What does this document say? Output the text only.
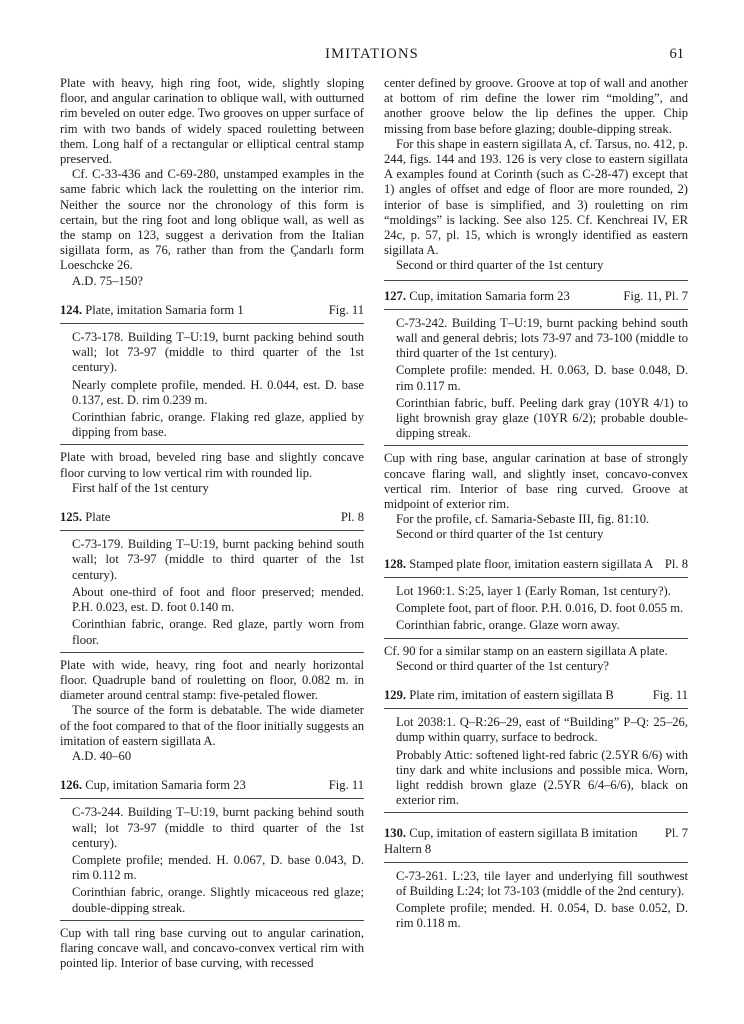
IMITATIONS	61

Plate with heavy, high ring foot, wide, slightly sloping floor, and angular carination to oblique wall, with outturned rim beveled on outer edge. Two grooves on upper surface of rim with two bands of widely spaced rouletting between them. Long half of a rectangular or elliptical central stamp preserved.

Cf. C-33-436 and C-69-280, unstamped examples in the same fabric which lack the rouletting on the interior rim. Neither the source nor the chronology of this form is certain, but the ring foot and long oblique wall, as well as the stamp on 123, suggest a derivation from the Italian sigillata form, as 76, rather than from the Çandarlı form Loeschcke 26.

A.D. 75–150?

124. Plate, imitation Samaria form 1	Fig. 11

C-73-178. Building T–U:19, burnt packing behind south wall; lot 73-97 (middle to third quarter of the 1st century).

Nearly complete profile, mended. H. 0.044, est. D. base 0.137, est. D. rim 0.239 m.

Corinthian fabric, orange. Flaking red glaze, applied by dipping from base.

Plate with broad, beveled ring base and slightly concave floor curving to low vertical rim with rounded lip.

First half of the 1st century

125. Plate	Pl. 8

C-73-179. Building T–U:19, burnt packing behind south wall; lot 73-97 (middle to third quarter of the 1st century).

About one-third of foot and floor preserved; mended. P.H. 0.023, est. D. foot 0.140 m.

Corinthian fabric, orange. Red glaze, partly worn from floor.

Plate with wide, heavy, ring foot and nearly horizontal floor. Quadruple band of rouletting on floor, 0.082 m. in diameter around central stamp: five-petaled flower.

The source of the form is debatable. The wide diameter of the foot compared to that of the floor initially suggests an imitation of eastern sigillata A.

A.D. 40–60

126. Cup, imitation Samaria form 23	Fig. 11

C-73-244. Building T–U:19, burnt packing behind south wall; lot 73-97 (middle to third quarter of the 1st century).

Complete profile; mended. H. 0.067, D. base 0.043, D. rim 0.112 m.

Corinthian fabric, orange. Slightly micaceous red glaze; double-dipping streak.

Cup with tall ring base curving out to angular carination, flaring concave wall, and concavo-convex vertical rim with pointed lip. Interior of base curving, with recessed

center defined by groove. Groove at top of wall and another at bottom of rim define the lower rim “molding”, and another groove below the lip defines the upper. Chip missing from base before glazing; double-dipping streak.

For this shape in eastern sigillata A, cf. Tarsus, no. 412, p. 244, figs. 144 and 193. 126 is very close to eastern sigillata A examples found at Corinth (such as C-28-47) except that 1) angles of offset and edge of floor are more rounded, 2) interior of base is simplified, and 3) rouletting on rim “moldings” is lacking. See also 125. Cf. Kenchreai IV, ER 24c, p. 57, pl. 15, which is wrongly identified as eastern sigillata A.

Second or third quarter of the 1st century

127. Cup, imitation Samaria form 23	Fig. 11, Pl. 7

C-73-242. Building T–U:19, burnt packing behind south wall and general debris; lots 73-97 and 73-100 (middle to third quarter of the 1st century).

Complete profile: mended. H. 0.063, D. base 0.048, D. rim 0.117 m.

Corinthian fabric, buff. Peeling dark gray (10YR 4/1) to light brownish gray glaze (10YR 6/2); probable double-dipping streak.

Cup with ring base, angular carination at base of strongly concave flaring wall, and slightly inset, concavo-convex vertical rim. Interior of base ring curved. Groove at midpoint of exterior rim.

For the profile, cf. Samaria-Sebaste III, fig. 81:10.

Second or third quarter of the 1st century

128. Stamped plate floor, imitation eastern sigillata A Pl. 8

Lot 1960:1. S:25, layer 1 (Early Roman, 1st century?).

Complete foot, part of floor. P.H. 0.016, D. foot 0.055 m.

Corinthian fabric, orange. Glaze worn away.

Cf. 90 for a similar stamp on an eastern sigillata A plate.

Second or third quarter of the 1st century?

129. Plate rim, imitation of eastern sigillata B	Fig. 11

Lot 2038:1. Q–R:26–29, east of “Building” P–Q: 25–26, dump within quarry, surface to bedrock.

Probably Attic: softened light-red fabric (2.5YR 6/6) with tiny dark and white inclusions and possible mica. Worn, light reddish brown glaze (2.5YR 6/4–6/6), black on exterior rim.

130. Cup, imitation of eastern sigillata B imitation Haltern 8
Pl. 7

C-73-261. L:23, tile layer and underlying fill southwest of Building L:24; lot 73-103 (middle of the 2nd century).

Complete profile; mended. H. 0.054, D. base 0.052, D. rim 0.118 m.
